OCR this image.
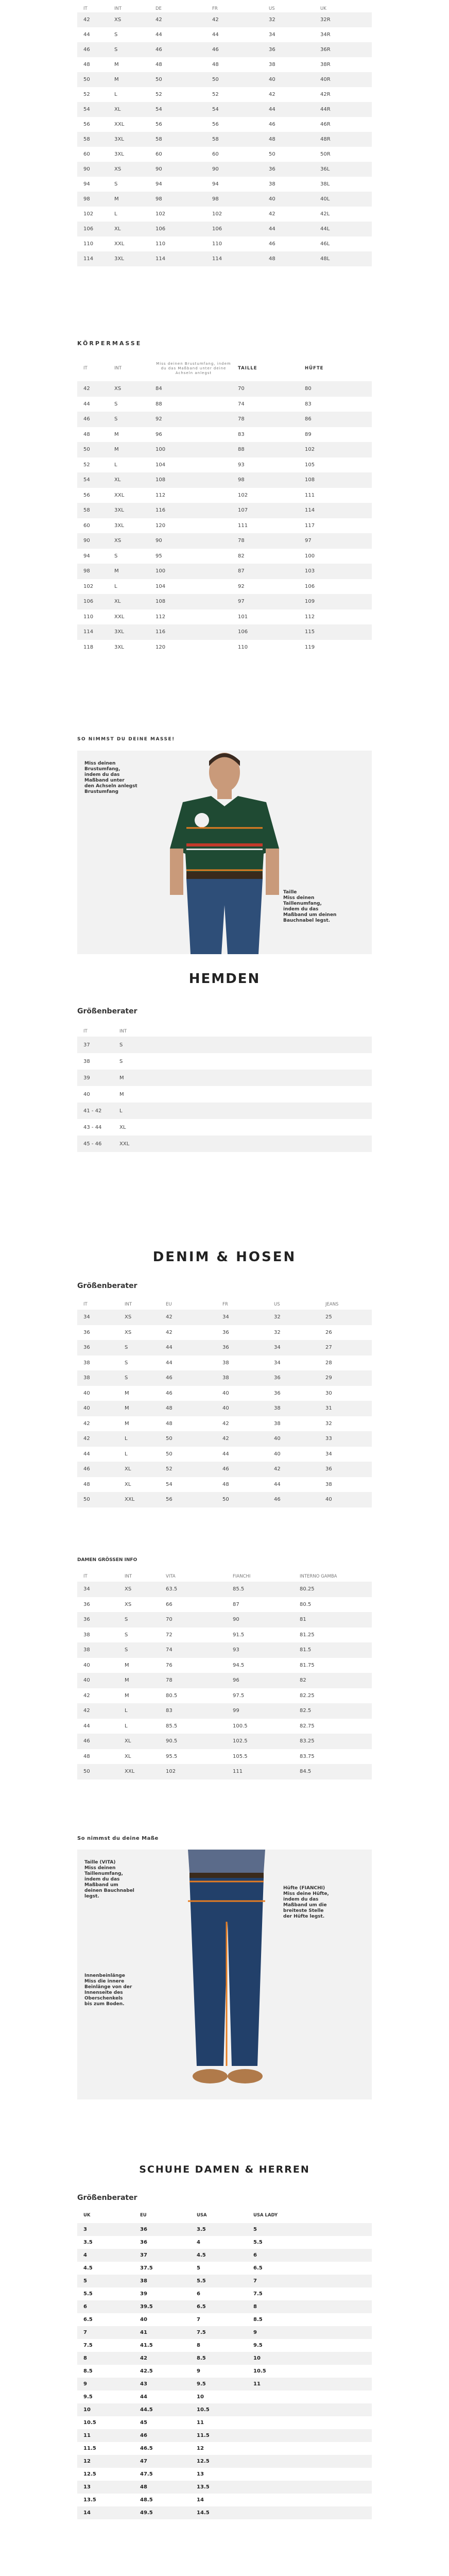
IT	INT	DE	FR	US	UK
42	XS	42	42	32	32R
44	S	44	44	34	34R
46	S	46	46	36	36R
48	M	48	48	38	38R
50	M	50	50	40	40R
52	L	52	52	42	42R
54	XL	54	54	44	44R
56	XXL	56	56	46	46R
58	3XL	58	58	48	48R
60	3XL	60	60	50	50R
90	XS	90	90	36	36L
94	S	94	94	38	38L
98	M	98	98	40	40L
102	L	102	102	42	42L
106	XL	106	106	44	44L
110	XXL	110	110	46	46L
114	3XL	114	114	48	48L

KÖRPERMASSE

IT	INT	Miss deinen Brustumfang, indem du das Maßband unter deine Achseln anlegst	TAILLE	HÜFTE
42	XS	84	70	80
44	S	88	74	83
46	S	92	78	86
48	M	96	83	89
50	M	100	88	102
52	L	104	93	105
54	XL	108	98	108
56	XXL	112	102	111
58	3XL	116	107	114
60	3XL	120	111	117
90	XS	90	78	97
94	S	95	82	100
98	M	100	87	103
102	L	104	92	106
106	XL	108	97	109
110	XXL	112	101	112
114	3XL	116	106	115
118	3XL	120	110	119

SO NIMMST DU DEINE MASSE!

Miss deinen
Brustumfang,
indem du das
Maßband unter
den Achseln anlegst
Brustumfang
Taille
Miss deinen
Taillenumfang,
indem du das
Maßband um deinen
Bauchnabel legst.
HEMDEN

Größenberater

IT	INT
37	S
38	S
39	M
40	M
41 - 42	L
43 - 44	XL
45 - 46	XXL
DENIM & HOSEN

Größenberater

IT	INT	EU	FR	US	JEANS
34	XS	42	34	32	25
36	XS	42	36	32	26
36	S	44	36	34	27
38	S	44	38	34	28
38	S	46	38	36	29
40	M	46	40	36	30
40	M	48	40	38	31
42	M	48	42	38	32
42	L	50	42	40	33
44	L	50	44	40	34
46	XL	52	46	42	36
48	XL	54	48	44	38
50	XXL	56	50	46	40

DAMEN GRÖSSEN INFO

IT	INT	VITA	FIANCHI	INTERNO GAMBA
34	XS	63.5	85.5	80.25
36	XS	66	87	80.5
36	S	70	90	81
38	S	72	91.5	81.25
38	S	74	93	81.5
40	M	76	94.5	81.75
40	M	78	96	82
42	M	80.5	97.5	82.25
42	L	83	99	82.5
44	L	85.5	100.5	82.75
46	XL	90.5	102.5	83.25
48	XL	95.5	105.5	83.75
50	XXL	102	111	84.5

So nimmst du deine Maße

Taille (VITA)
Miss deinen
Taillenumfang,
indem du das
Maßband um
deinen Bauchnabel
legst.
Hüfte (FIANCHI)
Miss deine Hüfte,
indem du das
Maßband um die
breiteste Stelle
der Hüfte legst.
Innenbeinlänge
Miss die innere
Beinlänge von der
Innenseite des
Oberschenkels
bis zum Boden.
SCHUHE DAMEN & HERREN

Größenberater

UK	EU	USA	USA LADY
3	36	3.5	5
3.5	36	4	5.5
4	37	4.5	6
4.5	37.5	5	6.5
5	38	5.5	7
5.5	39	6	7.5
6	39.5	6.5	8
6.5	40	7	8.5
7	41	7.5	9
7.5	41.5	8	9.5
8	42	8.5	10
8.5	42.5	9	10.5
9	43	9.5	11
9.5	44	10	
10	44.5	10.5	
10.5	45	11	
11	46	11.5	
11.5	46.5	12	
12	47	12.5	
12.5	47.5	13	
13	48	13.5	
13.5	48.5	14	
14	49.5	14.5	
